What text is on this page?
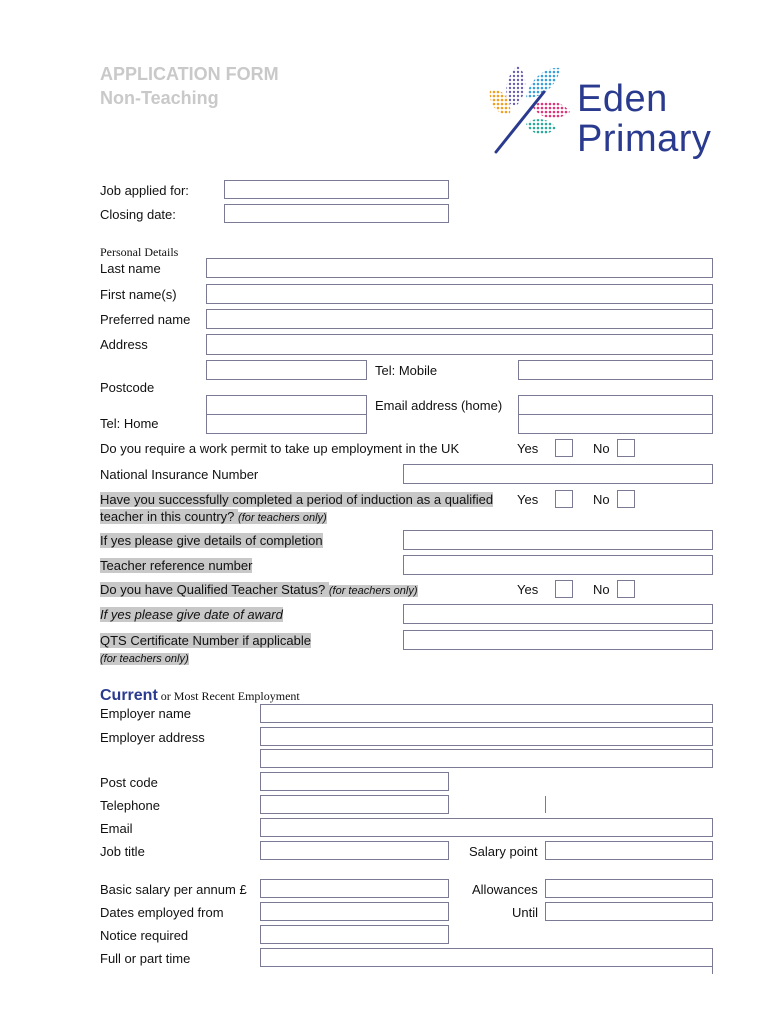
APPLICATION FORM
Non-Teaching	Eden
Primary
Job applied for:
Closing date:
Personal Details
Last name
First name(s)
Preferred name
Address
Tel: Mobile
Postcode
Email address (home)
Tel: Home
Do you require a work permit to take up employment in the UK	Yes	No
National Insurance Number
Have you successfully completed a period of induction as a qualified
teacher in this country? (for teachers only)
Yes	No
If yes please give details of completion
Teacher reference number
Do you have Qualified Teacher Status? (for teachers only)	Yes	No
If yes please give date of award
QTS Certificate Number if applicable
(for teachers only)
Current or Most Recent Employment
Employer name
Employer address
Post code
Telephone
Email
Job title	Salary point
Basic salary per annum £	Allowances
Dates employed from	Until
Notice required
Full or part time
